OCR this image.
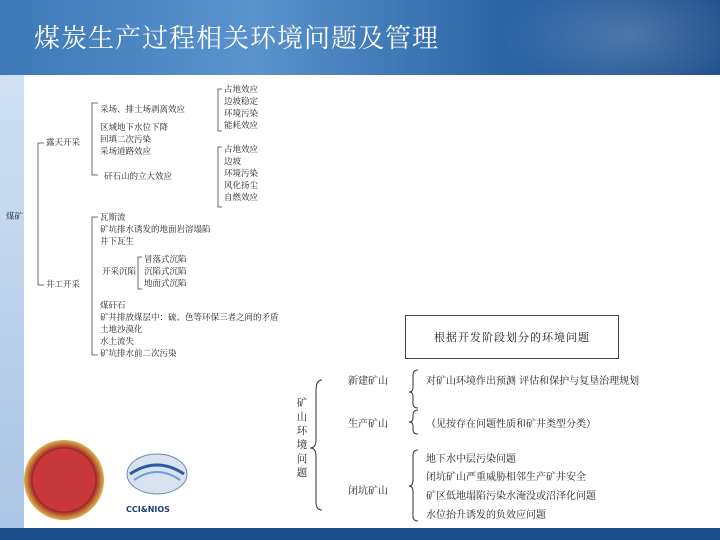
煤炭生产过程相关环境问题及管理
煤矿
露天开采
采场、排土场剥离效应
占地效应
边坡稳定
环境污染
能耗效应
区域地下水位下降
回填二次污染
采场道路效应
矸石山的立大效应
占地效应
边坡
环境污染
风化扬尘
自燃效应
瓦斯流
矿坑排水诱发的地面岩溶塌陷
井下瓦生
开采沉陷
冒落式沉陷
沉陷式沉陷
地面式沉陷
井工开采
煤矸石
矿井排放煤层中：硫、色等环保三者之间的矛盾
土地沙漠化
水土流失
矿坑排水前二次污染
CCI&NIOS
根据开发阶段划分的环境问题
矿
山
环
境
问
题
新建矿山	对矿山环境作出预测 评估和保护与复垦治理规划
生产矿山	（见按存在问题性质和矿井类型分类）
闭坑矿山
地下水中层污染问题
闭坑矿山严重威胁相邻生产矿井安全
矿区低地塌陷污染水淹没或沼泽化问题
水位抬升诱发的负效应问题
